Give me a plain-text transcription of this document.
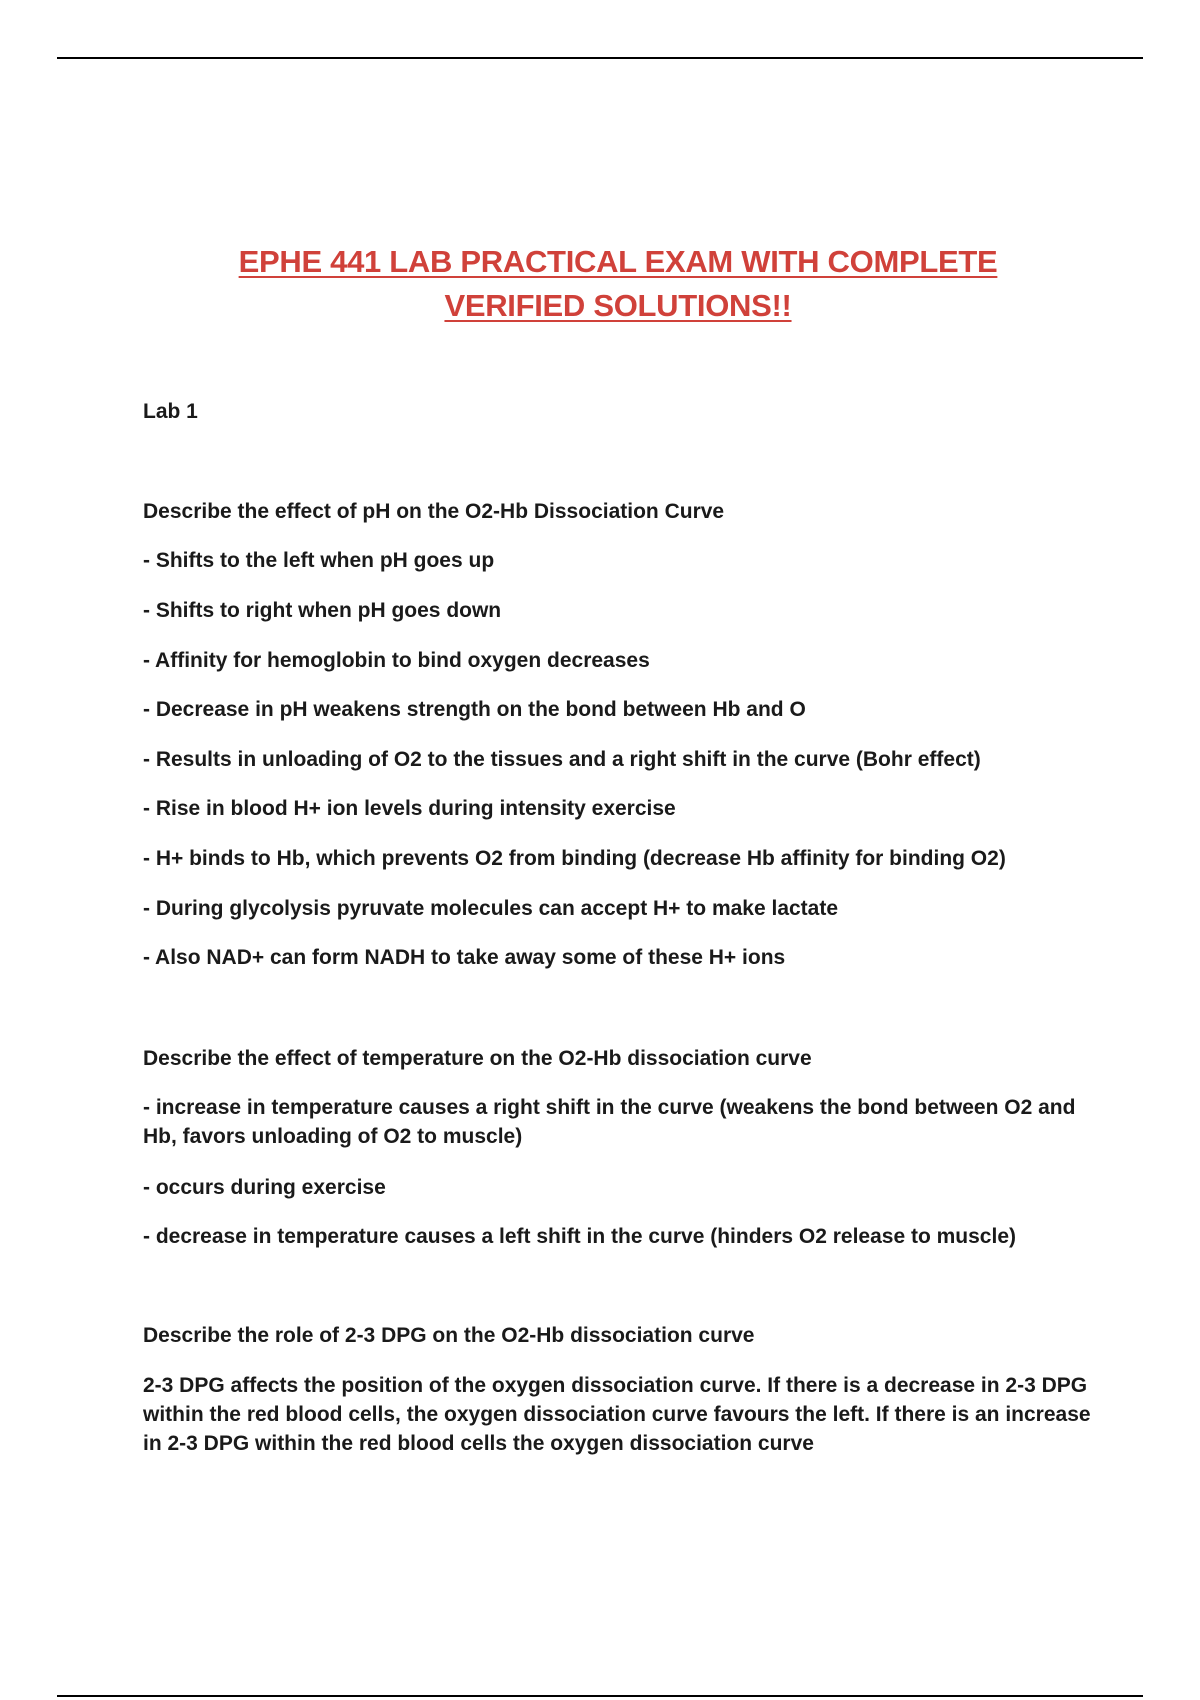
EPHE 441 LAB PRACTICAL EXAM WITH COMPLETE
VERIFIED SOLUTIONS!!

Lab 1

Describe the effect of pH on the O2-Hb Dissociation Curve

- Shifts to the left when pH goes up

- Shifts to right when pH goes down

- Affinity for hemoglobin to bind oxygen decreases

- Decrease in pH weakens strength on the bond between Hb and O

- Results in unloading of O2 to the tissues and a right shift in the curve (Bohr effect)

- Rise in blood H+ ion levels during intensity exercise

- H+ binds to Hb, which prevents O2 from binding (decrease Hb affinity for binding O2)

- During glycolysis pyruvate molecules can accept H+ to make lactate

- Also NAD+ can form NADH to take away some of these H+ ions

Describe the effect of temperature on the O2-Hb dissociation curve

- increase in temperature causes a right shift in the curve (weakens the bond between O2 and Hb, favors unloading of O2 to muscle)

- occurs during exercise

- decrease in temperature causes a left shift in the curve (hinders O2 release to muscle)

Describe the role of 2-3 DPG on the O2-Hb dissociation curve

2-3 DPG affects the position of the oxygen dissociation curve. If there is a decrease in 2-3 DPG within the red blood cells, the oxygen dissociation curve favours the left. If there is an increase in 2-3 DPG within the red blood cells the oxygen dissociation curve
